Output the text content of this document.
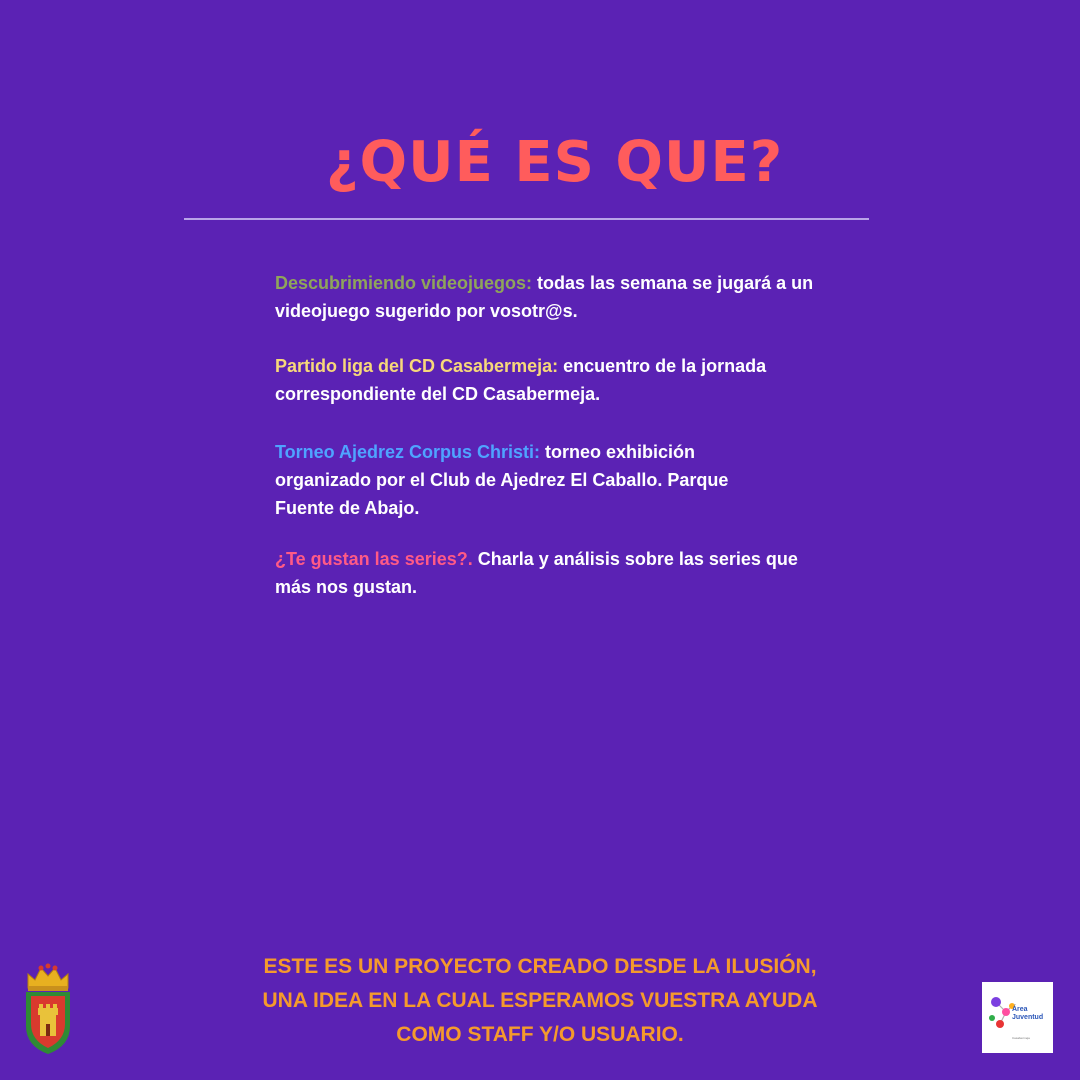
¿QUÉ ES QUE?

Descubrimiendo videojuegos: todas las semana se jugará a un videojuego sugerido por vosotr@s.

Partido liga del CD Casabermeja: encuentro de la jornada correspondiente del CD Casabermeja.

Torneo Ajedrez Corpus Christi: torneo exhibición organizado por el Club de Ajedrez El Caballo. Parque Fuente de Abajo.

¿Te gustan las series?. Charla y análisis sobre las series que más nos gustan.

ESTE ES UN PROYECTO CREADO DESDE LA ILUSIÓN,
UNA IDEA EN LA CUAL ESPERAMOS VUESTRA AYUDA
COMO STAFF Y/O USUARIO.

Área
Juventud
Casabermeja
